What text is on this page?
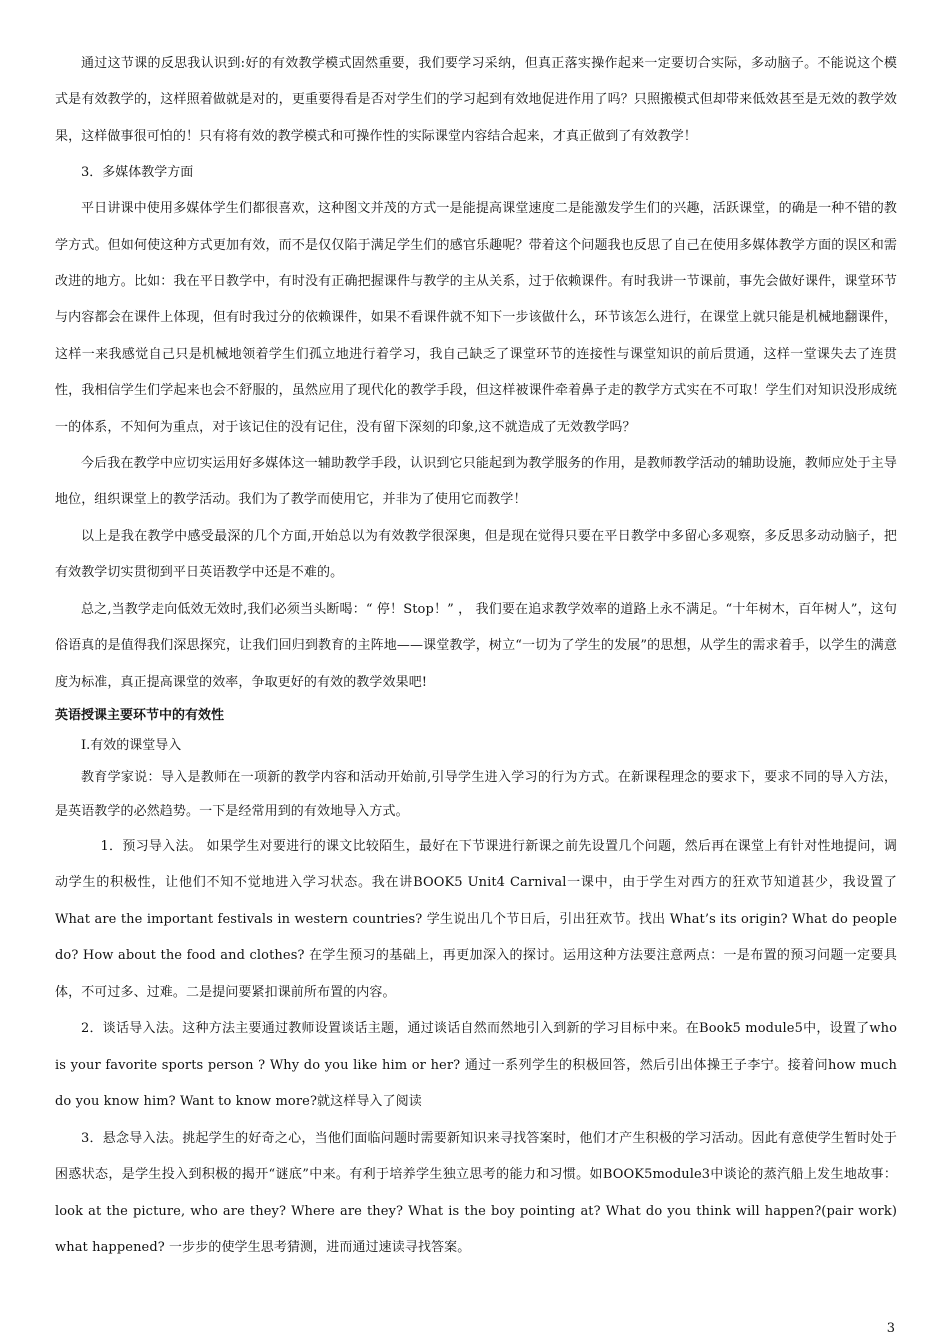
通过这节课的反思我认识到:好的有效教学模式固然重要，我们要学习采纳，但真正落实操作起来一定要切合实际，多动脑子。不能说这个模式是有效教学的，这样照着做就是对的，更重要得看是否对学生们的学习起到有效地促进作用了吗？只照搬模式但却带来低效甚至是无效的教学效果，这样做事很可怕的！只有将有效的教学模式和可操作性的实际课堂内容结合起来，才真正做到了有效教学！

3．多媒体教学方面

平日讲课中使用多媒体学生们都很喜欢，这种图文并茂的方式一是能提高课堂速度二是能激发学生们的兴趣，活跃课堂，的确是一种不错的教学方式。但如何使这种方式更加有效，而不是仅仅陷于满足学生们的感官乐趣呢？带着这个问题我也反思了自己在使用多媒体教学方面的误区和需改进的地方。比如：我在平日教学中，有时没有正确把握课件与教学的主从关系，过于依赖课件。有时我讲一节课前，事先会做好课件，课堂环节与内容都会在课件上体现，但有时我过分的依赖课件，如果不看课件就不知下一步该做什么，环节该怎么进行，在课堂上就只能是机械地翻课件，这样一来我感觉自己只是机械地领着学生们孤立地进行着学习，我自己缺乏了课堂环节的连接性与课堂知识的前后贯通，这样一堂课失去了连贯性，我相信学生们学起来也会不舒服的，虽然应用了现代化的教学手段，但这样被课件牵着鼻子走的教学方式实在不可取！学生们对知识没形成统一的体系，不知何为重点，对于该记住的没有记住，没有留下深刻的印象,这不就造成了无效教学吗？

今后我在教学中应切实运用好多媒体这一辅助教学手段，认识到它只能起到为教学服务的作用，是教师教学活动的辅助设施，教师应处于主导地位，组织课堂上的教学活动。我们为了教学而使用它，并非为了使用它而教学！

以上是我在教学中感受最深的几个方面,开始总以为有效教学很深奥，但是现在觉得只要在平日教学中多留心多观察，多反思多动动脑子，把有效教学切实贯彻到平日英语教学中还是不难的。

总之,当教学走向低效无效时,我们必须当头断喝：“ 停！Stop！” ， 我们要在追求教学效率的道路上永不满足。“十年树木，百年树人”，这句俗语真的是值得我们深思探究，让我们回归到教育的主阵地——课堂教学，树立“一切为了学生的发展”的思想，从学生的需求着手，以学生的满意度为标准，真正提高课堂的效率，争取更好的有效的教学效果吧!

英语授课主要环节中的有效性

I.有效的课堂导入

教育学家说：导入是教师在一项新的教学内容和活动开始前,引导学生进入学习的行为方式。在新课程理念的要求下，要求不同的导入方法，是英语教学的必然趋势。一下是经常用到的有效地导入方式。

1．预习导入法。 如果学生对要进行的课文比较陌生，最好在下节课进行新课之前先设置几个问题，然后再在课堂上有针对性地提问，调动学生的积极性，让他们不知不觉地进入学习状态。我在讲BOOK5 Unit4 Carnival一课中，由于学生对西方的狂欢节知道甚少，我设置了What are the important festivals in western countries? 学生说出几个节日后，引出狂欢节。找出 What’s its origin? What do people do? How about the food and clothes? 在学生预习的基础上，再更加深入的探讨。运用这种方法要注意两点：一是布置的预习问题一定要具体，不可过多、过难。二是提问要紧扣课前所布置的内容。

2．谈话导入法。这种方法主要通过教师设置谈话主题，通过谈话自然而然地引入到新的学习目标中来。在Book5 module5中，设置了who is your favorite sports person ? Why do you like him or her? 通过一系列学生的积极回答，然后引出体操王子李宁。接着问how much do you know him? Want to know more?就这样导入了阅读

3．悬念导入法。挑起学生的好奇之心，当他们面临问题时需要新知识来寻找答案时，他们才产生积极的学习活动。因此有意使学生暂时处于困惑状态，是学生投入到积极的揭开“谜底”中来。有利于培养学生独立思考的能力和习惯。如BOOK5module3中谈论的蒸汽船上发生地故事：look at the picture, who are they? Where are they? What is the boy pointing at? What do you think will happen?(pair work) what happened? 一步步的使学生思考猜测，进而通过速读寻找答案。

3
